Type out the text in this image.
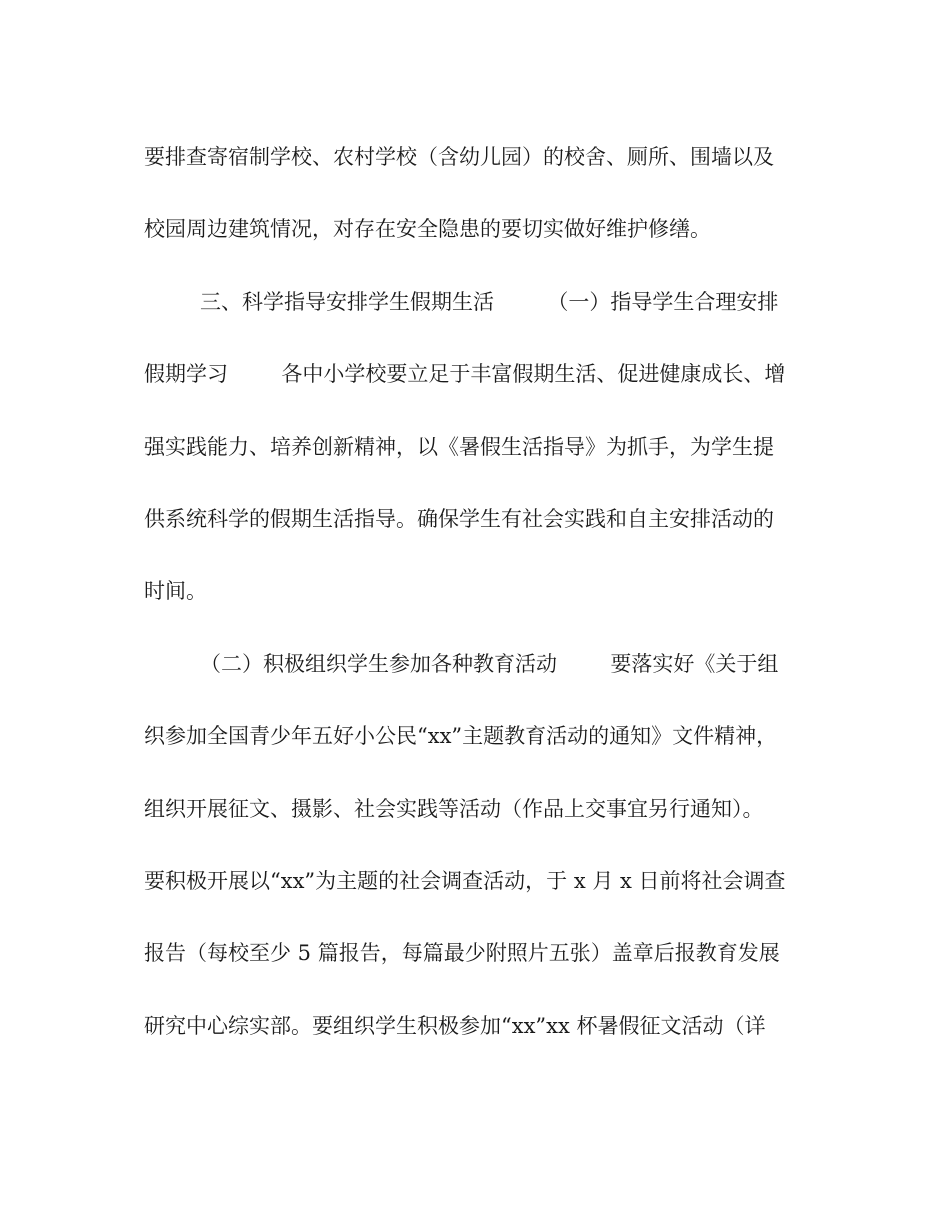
要排查寄宿制学校、农村学校（含幼儿园）的校舍、厕所、围墙以及
校园周边建筑情况，对存在安全隐患的要切实做好维护修缮。
三、科学指导安排学生假期生活        （一）指导学生合理安排
假期学习        各中小学校要立足于丰富假期生活、促进健康成长、增
强实践能力、培养创新精神，以《暑假生活指导》为抓手，为学生提
供系统科学的假期生活指导。确保学生有社会实践和自主安排活动的
时间。
（二）积极组织学生参加各种教育活动        要落实好《关于组
织参加全国青少年五好小公民“xx”主题教育活动的通知》文件精神，
组织开展征文、摄影、社会实践等活动（作品上交事宜另行通知）。
要积极开展以“xx”为主题的社会调查活动，于 x 月 x 日前将社会调查
报告（每校至少 5 篇报告，每篇最少附照片五张）盖章后报教育发展
研究中心综实部。要组织学生积极参加“xx”xx 杯暑假征文活动（详
